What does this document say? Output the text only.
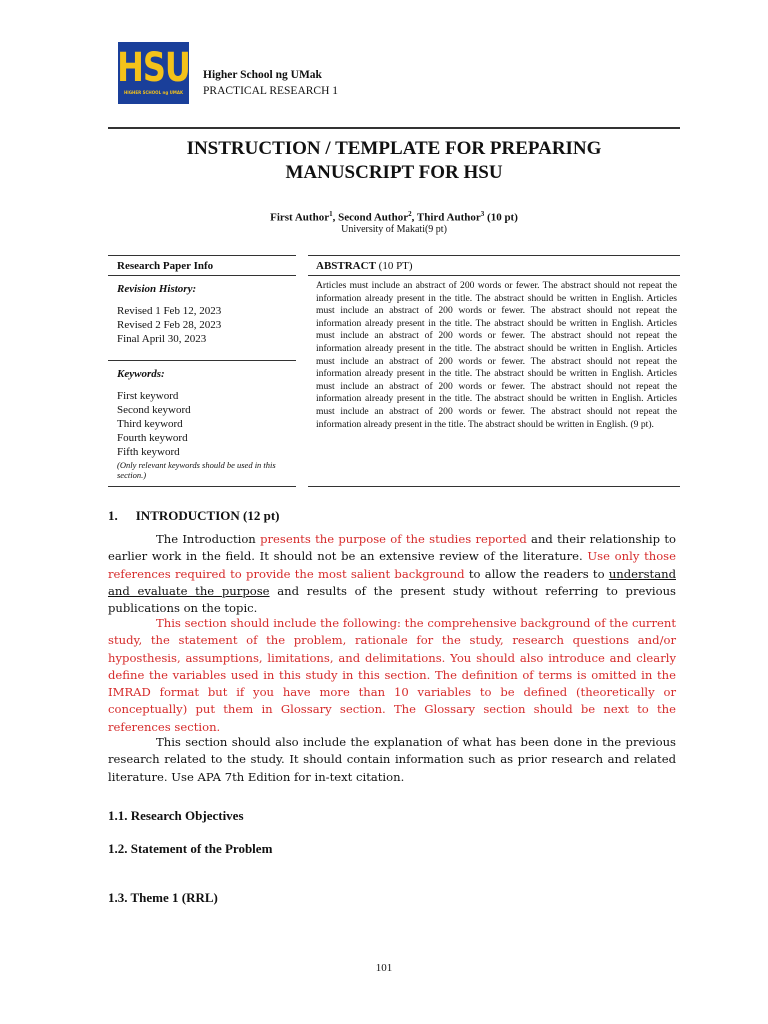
HSU
HIGHER SCHOOL ng UMAK
Higher School ng UMak
PRACTICAL RESEARCH 1
INSTRUCTION / TEMPLATE FOR PREPARING
MANUSCRIPT FOR HSU
First Author$^1$, Second Author$^2$, Third Author$^3$ (10 pt)
University of Makati(9 pt)
Research Paper Info
Revision History:
Revised 1 Feb 12, 2023
Revised 2 Feb 28, 2023
Final April 30, 2023
Keywords:
First keyword
Second keyword
Third keyword
Fourth keyword
Fifth keyword
(Only relevant keywords should be used in this section.)
ABSTRACT (10 PT)
Articles must include an abstract of 200 words or fewer. The abstract should not repeat the information already present in the title. The abstract should be written in English. Articles must include an abstract of 200 words or fewer. The abstract should not repeat the information already present in the title. The abstract should be written in English. Articles must include an abstract of 200 words or fewer. The abstract should not repeat the information already present in the title. The abstract should be written in English. Articles must include an abstract of 200 words or fewer. The abstract should not repeat the information already present in the title. The abstract should be written in English. Articles must include an abstract of 200 words or fewer. The abstract should not repeat the information already present in the title. The abstract should be written in English. Articles must include an abstract of 200 words or fewer. The abstract should not repeat the information already present in the title. The abstract should be written in English. (9 pt).
1. INTRODUCTION (12 pt)
The Introduction presents the purpose of the studies reported and their relationship to earlier work in the field. It should not be an extensive review of the literature. Use only those references required to provide the most salient background to allow the readers to understand and evaluate the purpose and results of the present study without referring to previous publications on the topic.
This section should include the following: the comprehensive background of the current study, the statement of the problem, rationale for the study, research questions and/or hyposthesis, assumptions, limitations, and delimitations. You should also introduce and clearly define the variables used in this study in this section. The definition of terms is omitted in the IMRAD format but if you have more than 10 variables to be defined (theoretically or conceptually) put them in Glossary section. The Glossary section should be next to the references section.
This section should also include the explanation of what has been done in the previous research related to the study. It should contain information such as prior research and related literature. Use APA 7th Edition for in-text citation.
1.1. Research Objectives
1.2. Statement of the Problem
1.3. Theme 1 (RRL)
101
